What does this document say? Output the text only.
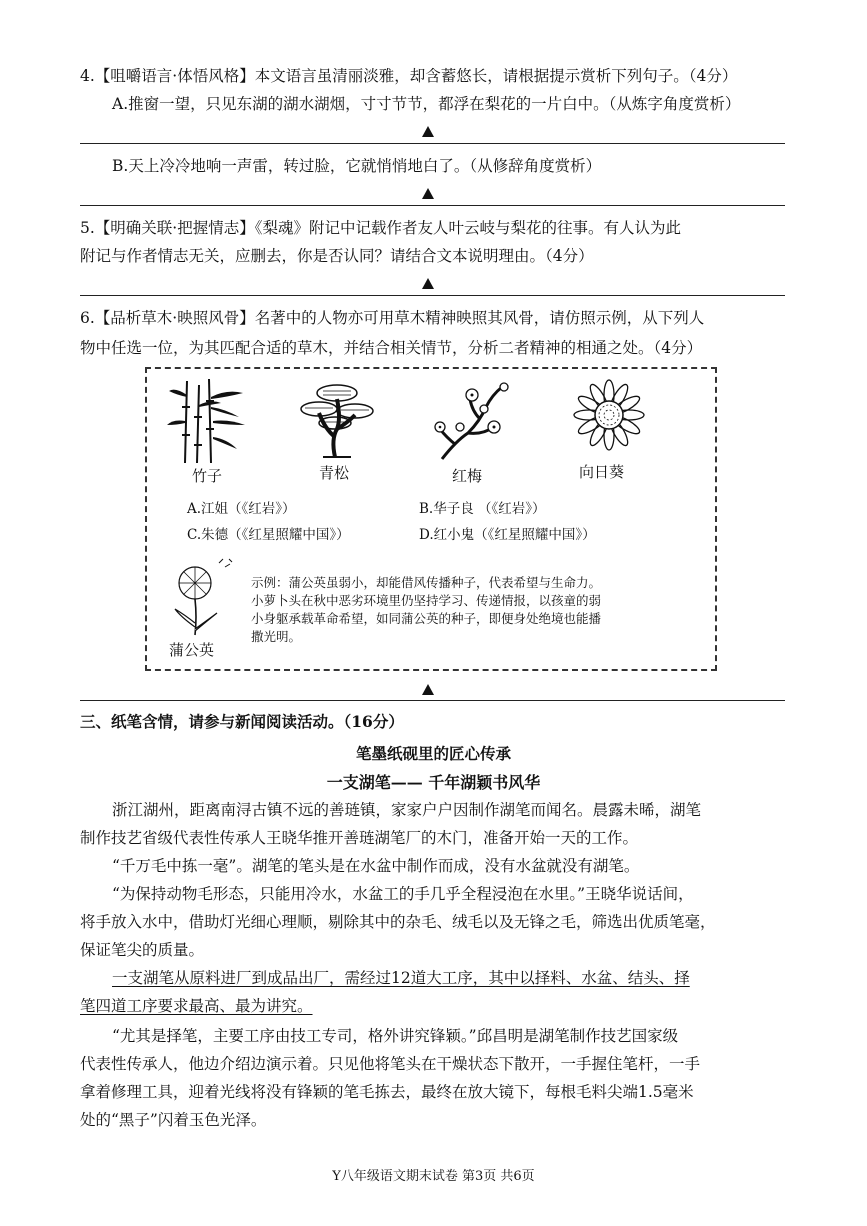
4.【咀嚼语言·体悟风格】本文语言虽清丽淡雅，却含蓄悠长，请根据提示赏析下列句子。（4分）
A.推窗一望，只见东湖的湖水湖烟，寸寸节节，都浮在梨花的一片白中。（从炼字角度赏析）
B.天上冷冷地响一声雷，转过脸，它就悄悄地白了。（从修辞角度赏析）
5.【明确关联·把握情志】《梨魂》附记中记载作者友人叶云岐与梨花的往事。有人认为此
附记与作者情志无关，应删去，你是否认同？请结合文本说明理由。（4分）
6.【品析草木·映照风骨】名著中的人物亦可用草木精神映照其风骨，请仿照示例，从下列人
物中任选一位，为其匹配合适的草木，并结合相关情节，分析二者精神的相通之处。（4分）
竹子	青松	红梅	向日葵
A.江姐（《红岩》）	B.华子良 （《红岩》）
C.朱德（《红星照耀中国》）	D.红小鬼（《红星照耀中国》）
蒲公英
示例：蒲公英虽弱小，却能借风传播种子，代表希望与生命力。
小萝卜头在秋中恶劣环境里仍坚持学习、传递情报，以孩童的弱
小身躯承载革命希望，如同蒲公英的种子，即便身处绝境也能播
撒光明。
三、纸笔含情，请参与新闻阅读活动。（16分）
笔墨纸砚里的匠心传承
一支湖笔—— 千年湖颖书风华
浙江湖州，距离南浔古镇不远的善琏镇，家家户户因制作湖笔而闻名。晨露未晞，湖笔
制作技艺省级代表性传承人王晓华推开善琏湖笔厂的木门，准备开始一天的工作。
“千万毛中拣一毫”。湖笔的笔头是在水盆中制作而成，没有水盆就没有湖笔。
“为保持动物毛形态，只能用冷水，水盆工的手几乎全程浸泡在水里。”王晓华说话间，
将手放入水中，借助灯光细心理顺，剔除其中的杂毛、绒毛以及无锋之毛，筛选出优质笔毫，
保证笔尖的质量。
一支湖笔从原料进厂到成品出厂，需经过12道大工序，其中以择料、水盆、结头、择
笔四道工序要求最高、最为讲究。
“尤其是择笔，主要工序由技工专司，格外讲究锋颖。”邱昌明是湖笔制作技艺国家级
代表性传承人，他边介绍边演示着。只见他将笔头在干燥状态下散开，一手握住笔杆，一手
拿着修理工具，迎着光线将没有锋颖的笔毛拣去，最终在放大镜下，每根毛料尖端1.5毫米
处的“黑子”闪着玉色光泽。
Y八年级语文期末试卷 第3页 共6页
